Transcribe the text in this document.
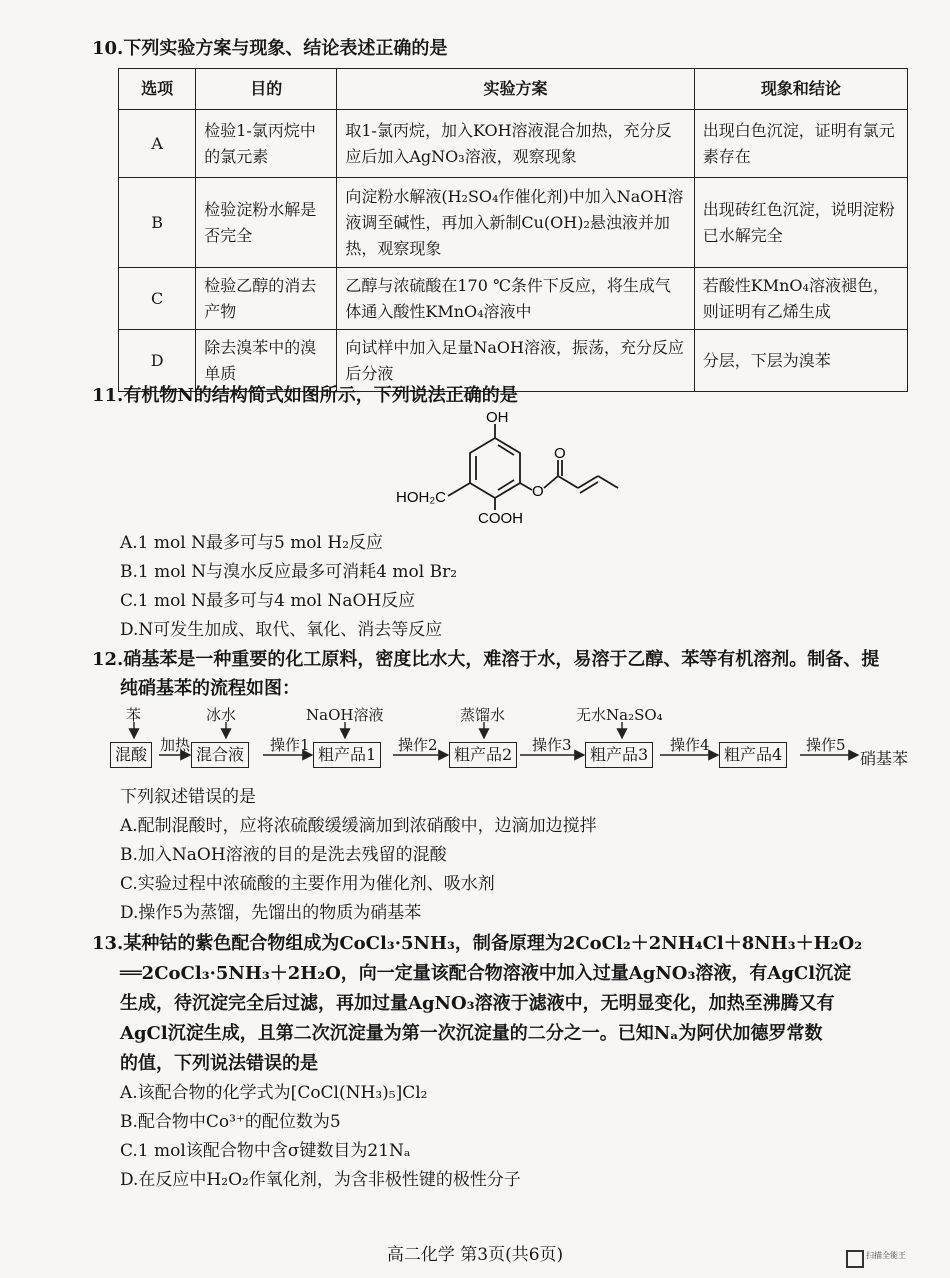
10.下列实验方案与现象、结论表述正确的是
选项	目的	实验方案	现象和结论
A	检验1-氯丙烷中的氯元素	取1-氯丙烷，加入KOH溶液混合加热，充分反应后加入AgNO₃溶液，观察现象	出现白色沉淀，证明有氯元素存在
B	检验淀粉水解是否完全	向淀粉水解液(H₂SO₄作催化剂)中加入NaOH溶液调至碱性，再加入新制Cu(OH)₂悬浊液并加热，观察现象	出现砖红色沉淀，说明淀粉已水解完全
C	检验乙醇的消去产物	乙醇与浓硫酸在170 ℃条件下反应，将生成气体通入酸性KMnO₄溶液中	若酸性KMnO₄溶液褪色，则证明有乙烯生成
D	除去溴苯中的溴单质	向试样中加入足量NaOH溶液，振荡，充分反应后分液	分层，下层为溴苯
11.有机物N的结构简式如图所示，下列说法正确的是
OH
HOH₂C
COOH
O
O
A.1 mol N最多可与5 mol H₂反应
B.1 mol N与溴水反应最多可消耗4 mol Br₂
C.1 mol N最多可与4 mol NaOH反应
D.N可发生加成、取代、氧化、消去等反应
12.硝基苯是一种重要的化工原料，密度比水大，难溶于水，易溶于乙醇、苯等有机溶剂。制备、提
纯硝基苯的流程如图：
苯	冰水	NaOH溶液	蒸馏水	无水Na₂SO₄
混酸	混合液	粗产品1	粗产品2	粗产品3	粗产品4
加热	操作1	操作2	操作3	操作4	操作5
硝基苯
下列叙述错误的是
A.配制混酸时，应将浓硫酸缓缓滴加到浓硝酸中，边滴加边搅拌
B.加入NaOH溶液的目的是洗去残留的混酸
C.实验过程中浓硫酸的主要作用为催化剂、吸水剂
D.操作5为蒸馏，先馏出的物质为硝基苯
13.某种钴的紫色配合物组成为CoCl₃·5NH₃，制备原理为2CoCl₂＋2NH₄Cl＋8NH₃＋H₂O₂
══2CoCl₃·5NH₃＋2H₂O，向一定量该配合物溶液中加入过量AgNO₃溶液，有AgCl沉淀
生成，待沉淀完全后过滤，再加过量AgNO₃溶液于滤液中，无明显变化，加热至沸腾又有
AgCl沉淀生成，且第二次沉淀量为第一次沉淀量的二分之一。已知Nₐ为阿伏加德罗常数
的值，下列说法错误的是
A.该配合物的化学式为[CoCl(NH₃)₅]Cl₂
B.配合物中Co³⁺的配位数为5
C.1 mol该配合物中含σ键数目为21Nₐ
D.在反应中H₂O₂作氧化剂，为含非极性键的极性分子
高二化学 第3页(共6页)	扫描全能王
